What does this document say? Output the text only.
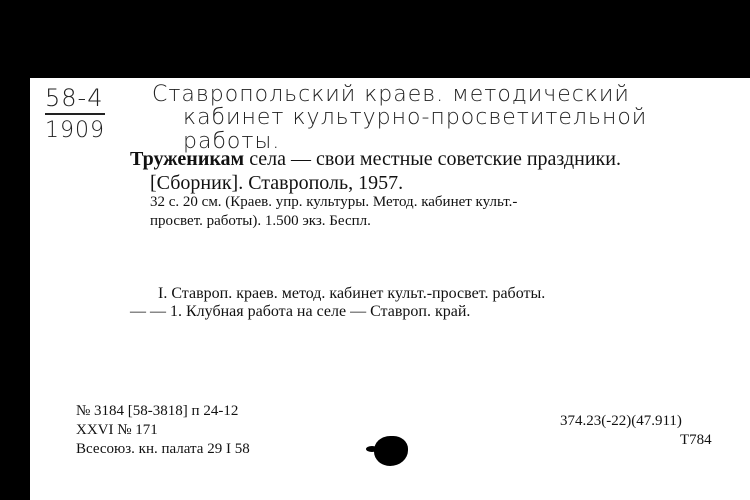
58-4
1909
Ставропольский краев. методический
кабинет культурно-просветительной
работы.
Труженикам села — свои местные советские праздники.
[Сборник]. Ставрополь, 1957.
32 с. 20 см. (Краев. упр. культуры. Метод. кабинет культ.-
просвет. работы). 1.500 экз. Беспл.
I. Ставроп. краев. метод. кабинет культ.-просвет. работы.
— — 1. Клубная работа на селе — Ставроп. край.
№ 3184 [58-3818] п 24-12
XXVI № 171
Всесоюз. кн. палата 29 I 58
374.23(-22)(47.911)
Т784
